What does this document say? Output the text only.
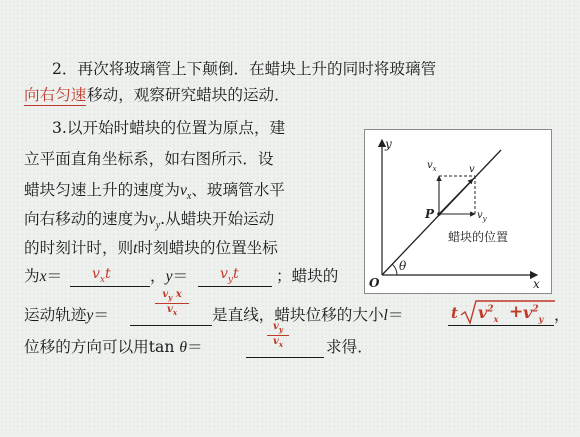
2．再次将玻璃管上下颠倒．在蜡块上升的同时将玻璃管
向右匀速 移动，观察研究蜡块的运动．
3.以开始时蜡块的位置为原点，建
立平面直角坐标系，如右图所示．设
蜡块匀速上升的速度为$v_x$、玻璃管水平
向右移动的速度为$v_y$.从蜡块开始运动
的时刻计时，则t时刻蜡块的位置坐标
为$x= v_xt$	，$y= v_yt$ ；蜡块的
运动轨迹y＝	$\frac{v_y x}{v_x}$ 是直线，蜡块位移的大小l＝	t $v^2_x + v^2_y$ ，
位移的方向可以用tan θ＝	$\frac{v_y}{v_x}$ 求得．
y
x
O
θ
P
$v_x$
$v_y$
v
蜡块的位置
